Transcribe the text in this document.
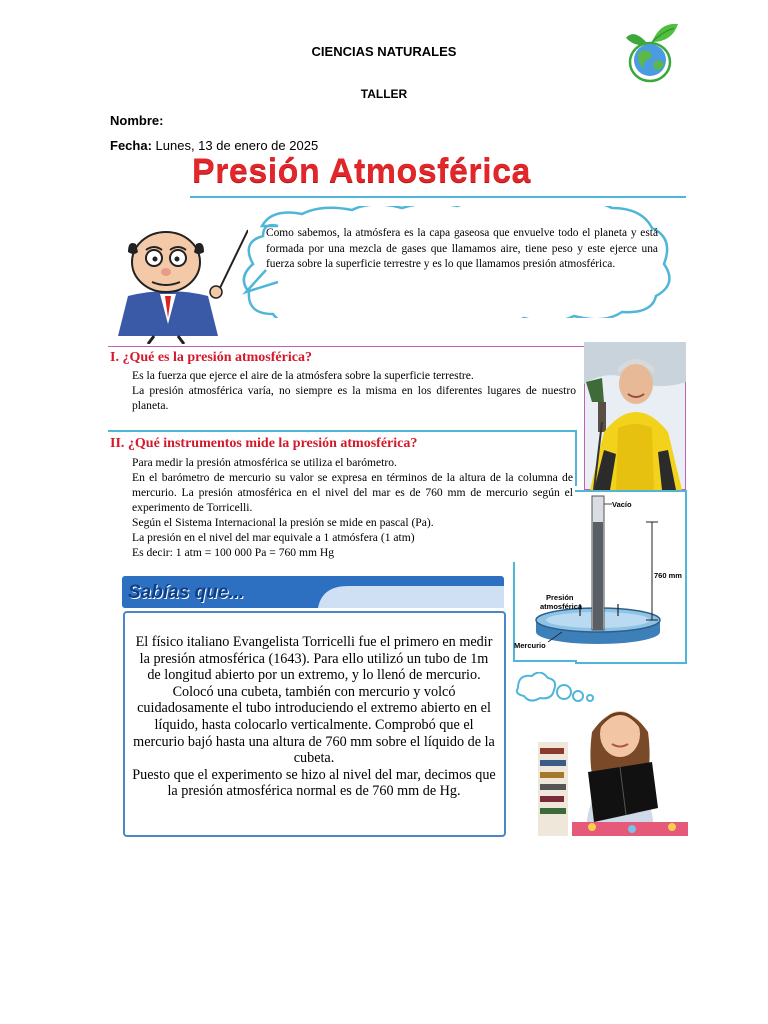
CIENCIAS NATURALES
TALLER
Nombre:
Fecha: Lunes, 13 de enero de 2025
Presión Atmosférica
Como sabemos, la atmósfera es la capa gaseosa que envuelve todo el planeta y está formada por una mezcla de gases que llamamos aire, tiene peso y este ejerce una fuerza sobre la superficie terrestre y es lo que llamamos presión atmosférica.
I. ¿Qué es la presión atmosférica?
Es la fuerza que ejerce el aire de la atmósfera sobre la superficie terrestre.
La presión atmosférica varía, no siempre es la misma en los diferentes lugares de nuestro planeta.
II. ¿Qué instrumentos mide la presión atmosférica?
Para medir la presión atmosférica se utiliza el barómetro.
En el barómetro de mercurio su valor se expresa en términos de la altura de la columna de mercurio. La presión atmosférica en el nivel del mar es de 760 mm de mercurio según el experimento de Torricelli.
Según el Sistema Internacional la presión se mide en pascal (Pa).
La presión en el nivel del mar equivale a 1 atmósfera (1 atm)
Es decir: 1 atm = 100 000 Pa = 760 mm Hg
Vacío
760 mm
Presión
atmosférica
Mercurio
Sabías que...
El físico italiano Evangelista Torricelli fue el primero en medir la presión atmosférica (1643). Para ello utilizó un tubo de 1m de longitud abierto por un extremo, y lo llenó de mercurio.
Colocó una cubeta, también con mercurio y volcó cuidadosamente el tubo introduciendo el extremo abierto en el líquido, hasta colocarlo verticalmente. Comprobó que el mercurio bajó hasta una altura de 760 mm sobre el líquido de la cubeta.
Puesto que el experimento se hizo al nivel del mar, decimos que la presión atmosférica normal es de 760 mm de Hg.
